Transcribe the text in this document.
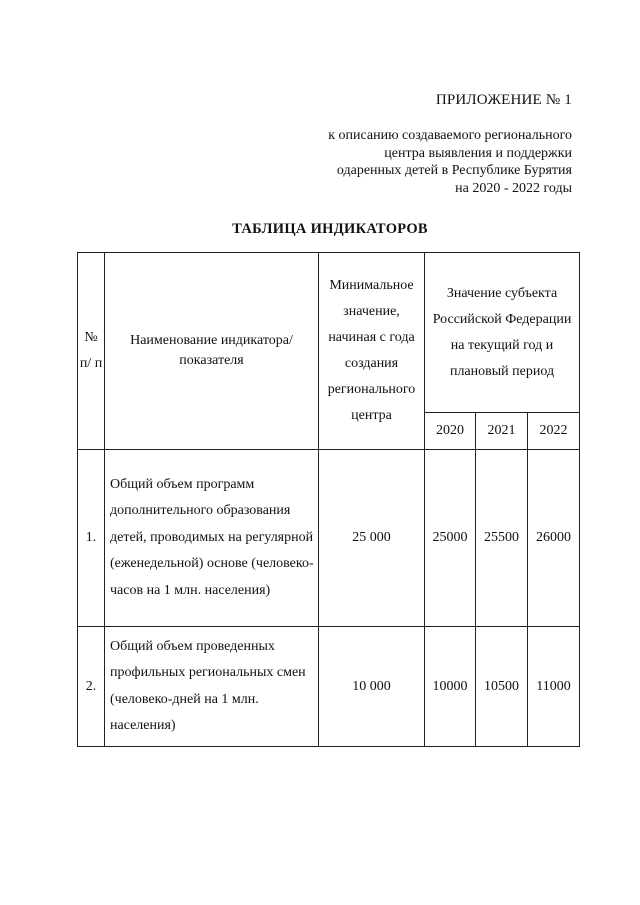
ПРИЛОЖЕНИЕ № 1
к описанию создаваемого регионального
центра выявления и поддержки
одаренных детей в Республике Бурятия
на 2020 - 2022 годы
ТАБЛИЦА ИНДИКАТОРОВ
№ п/ п	Наименование индикатора/показателя	Минимальное значение, начиная с года создания регионального центра	Значение субъекта Российской Федерации на текущий год и плановый период		
			2020	2021	2022
1.	Общий объем программ дополнительного образования детей, проводимых на регулярной (еженедельной) основе (человеко-часов на 1 млн. населения)	25 000	25000	25500	26000
2.	Общий объем проведенных профильных региональных смен (человеко-дней на 1 млн. населения)	10 000	10000	10500	11000
